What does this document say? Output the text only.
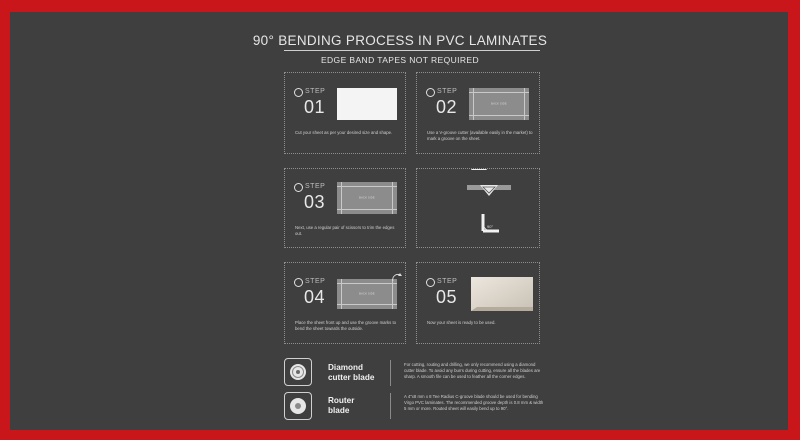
90° BENDING PROCESS IN PVC LAMINATES
EDGE BAND TAPES NOT REQUIRED
STEP
01
Cut your sheet as per your desired size and shape.
STEP
02	BACK SIDE
Use a V-groove cutter (available easily in the market) to mark a groove on the sheet.
STEP
03	BACK SIDE
Next, use a regular pair of scissors to trim the edges out.
90°
STEP
04	BACK SIDE
Place the sheet front up and use the groove marks to bend the sheet towards the outside.
STEP
05
Now your sheet is ready to be used.
Diamond
cutter blade
For cutting, routing and drilling, we only recommend using a diamond cutter blade. To avoid any burrs during cutting, ensure all the blades are sharp. A smooth file can be used to feather all the corner edges.
Router
blade
A 4"x8 mm x 8 Tee Radius C-groove blade should be used for bending Virgo PVC laminates. The recommended groove depth is 0.8 mm & width 5 mm or more. Routed sheet will easily bend up to 90°.
